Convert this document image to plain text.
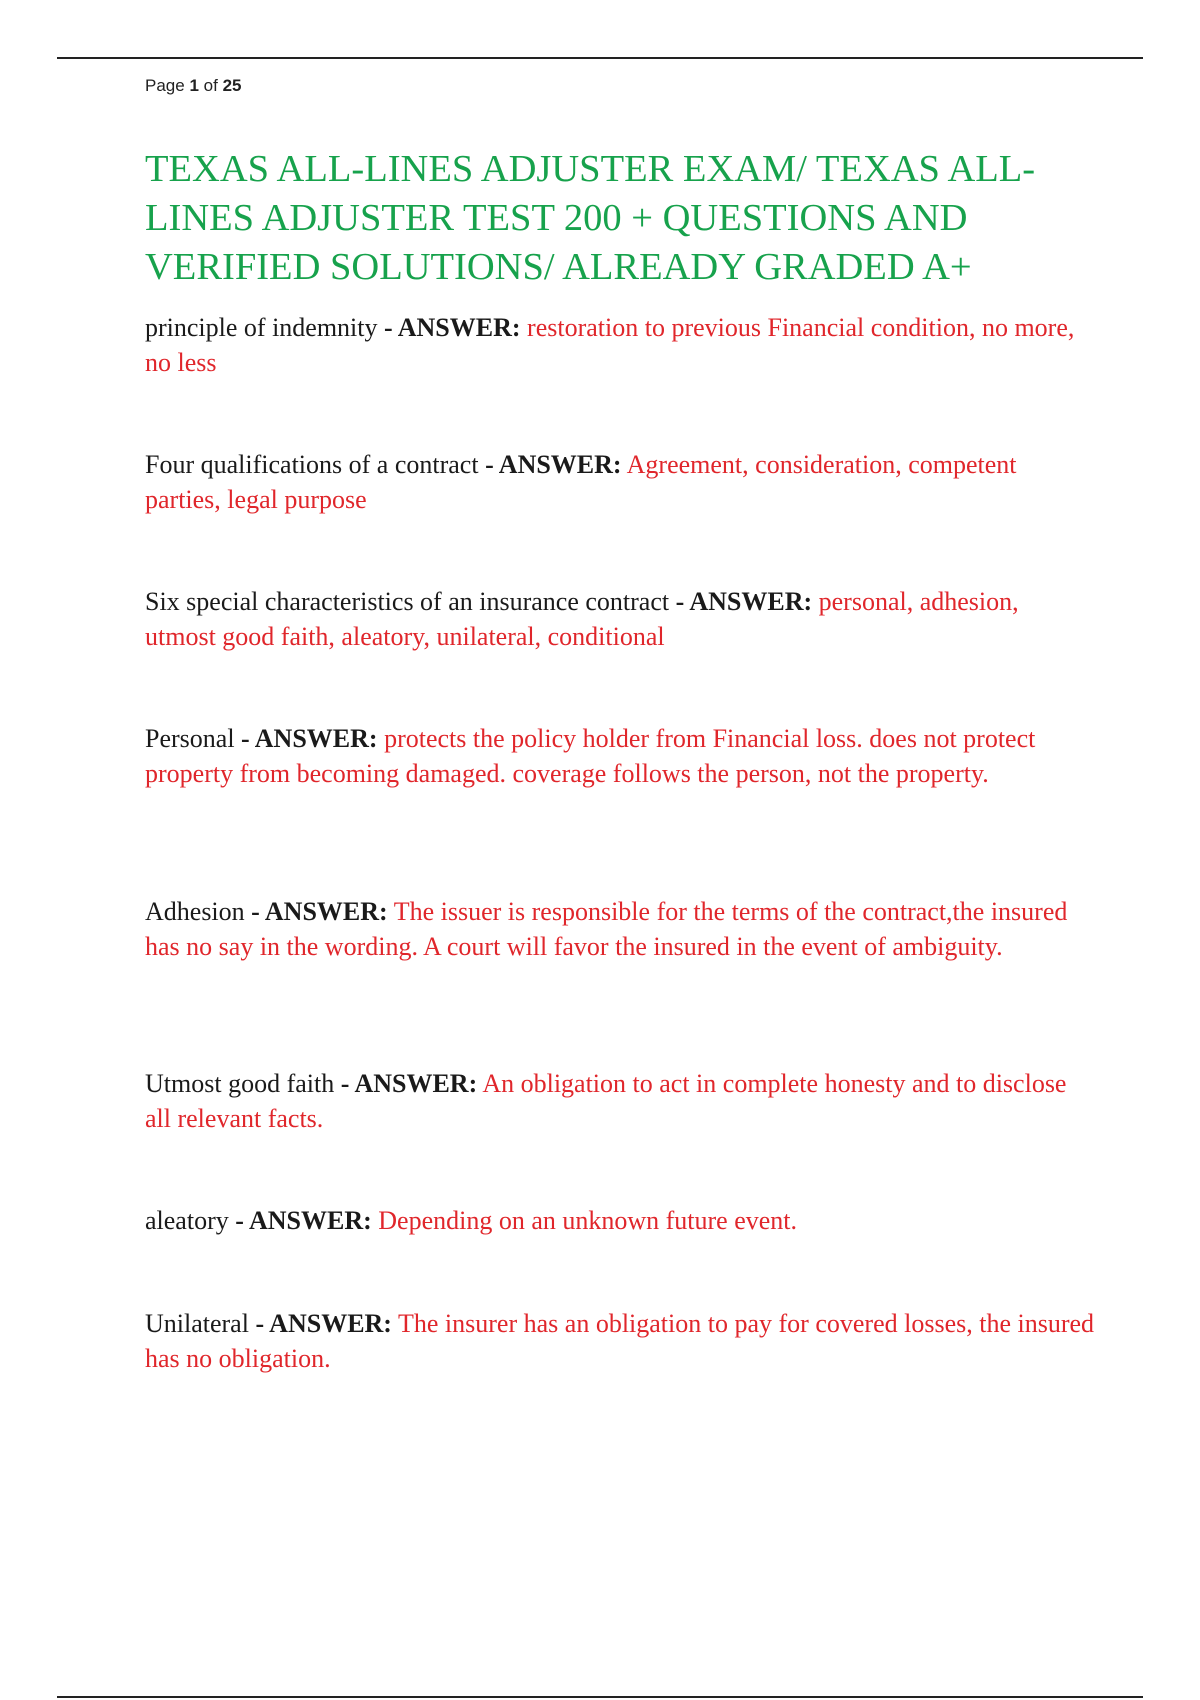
Page 1 of 25
TEXAS ALL-LINES ADJUSTER EXAM/ TEXAS ALL-LINES ADJUSTER TEST 200 + QUESTIONS AND VERIFIED SOLUTIONS/ ALREADY GRADED A+

principle of indemnity - ANSWER: restoration to previous Financial condition, no more, no less

Four qualifications of a contract - ANSWER: Agreement, consideration, competent parties, legal purpose

Six special characteristics of an insurance contract - ANSWER: personal, adhesion, utmost good faith, aleatory, unilateral, conditional

Personal - ANSWER: protects the policy holder from Financial loss. does not protect property from becoming damaged. coverage follows the person, not the property.

Adhesion - ANSWER: The issuer is responsible for the terms of the contract,the insured has no say in the wording. A court will favor the insured in the event of ambiguity.

Utmost good faith - ANSWER: An obligation to act in complete honesty and to disclose all relevant facts.

aleatory - ANSWER: Depending on an unknown future event.

Unilateral - ANSWER: The insurer has an obligation to pay for covered losses, the insured has no obligation.
